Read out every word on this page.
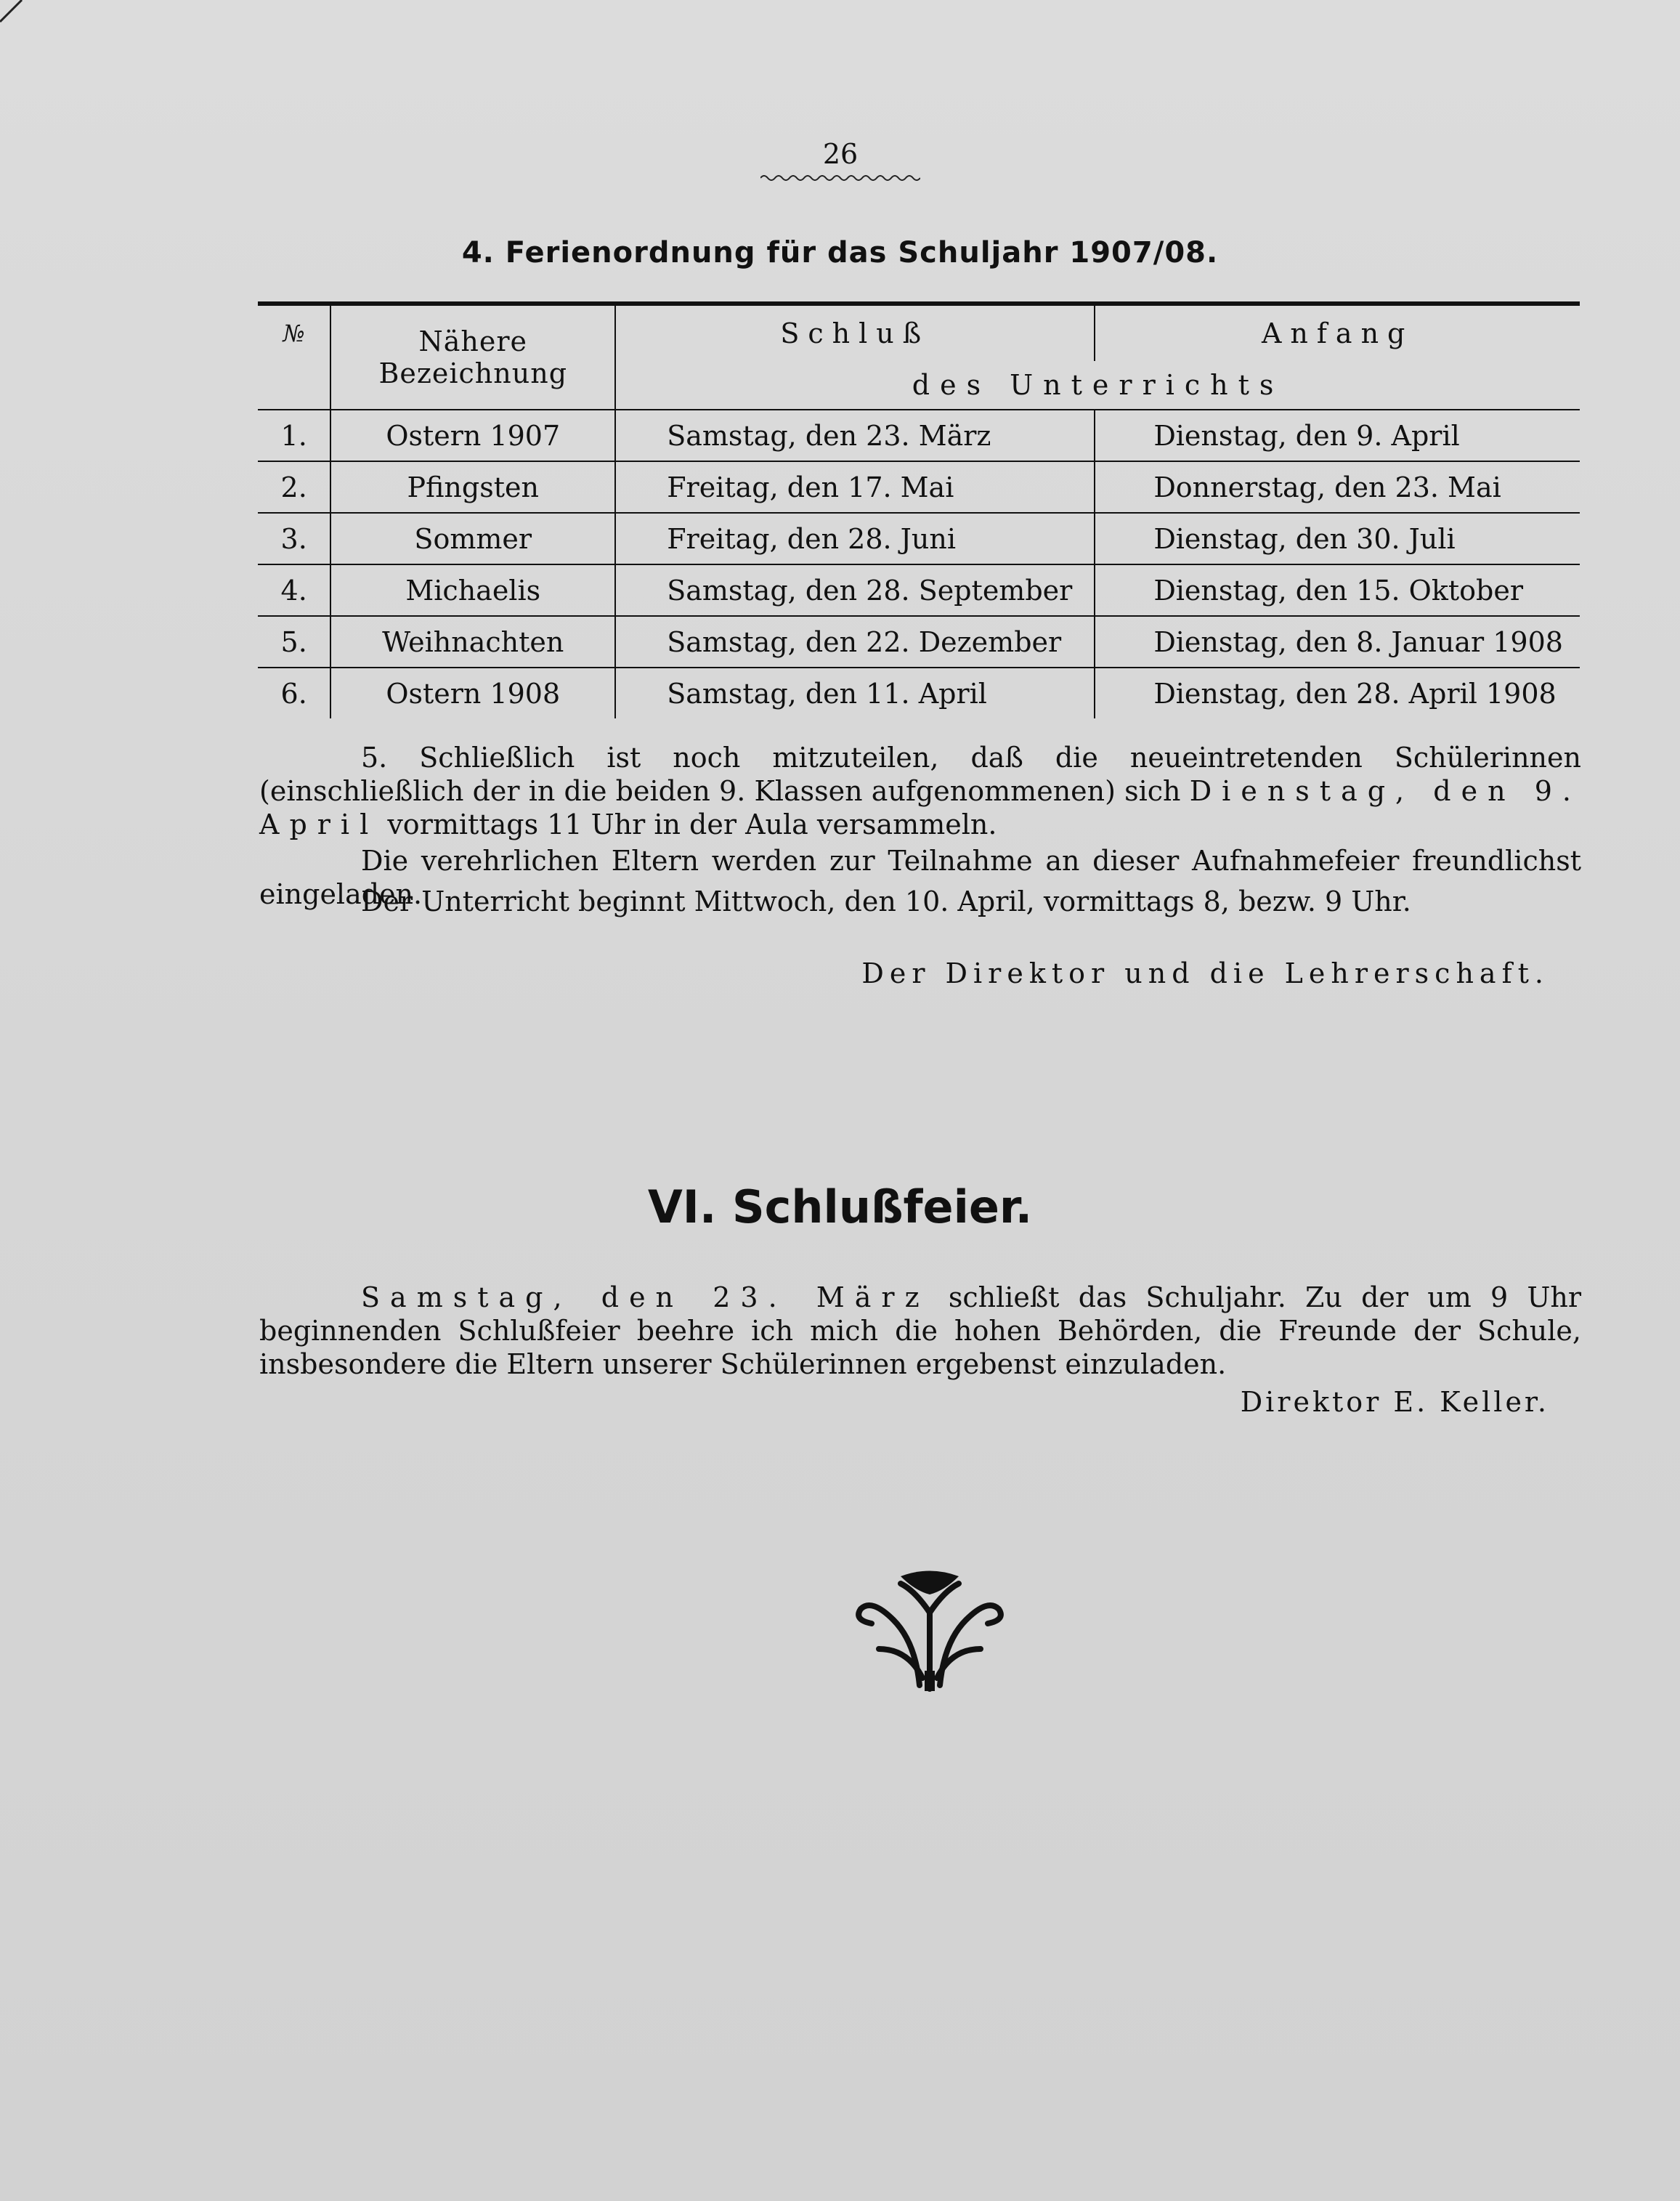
26
4. Ferienordnung für das Schuljahr 1907/08.
№	Nähere Bezeichnung	Schluß	Anfang
		des Unterrichts	
1.	Ostern 1907	Samstag, den 23. März	Dienstag, den 9. April
2.	Pfingsten	Freitag, den 17. Mai	Donnerstag, den 23. Mai
3.	Sommer	Freitag, den 28. Juni	Dienstag, den 30. Juli
4.	Michaelis	Samstag, den 28. September	Dienstag, den 15. Oktober
5.	Weihnachten	Samstag, den 22. Dezember	Dienstag, den 8. Januar 1908
6.	Ostern 1908	Samstag, den 11. April	Dienstag, den 28. April 1908

5. Schließlich ist noch mitzuteilen, daß die neueintretenden Schülerinnen (einschließlich der in die beiden 9. Klassen aufgenommenen) sich Dienstag, den 9. April vormittags 11 Uhr in der Aula versammeln.

Die verehrlichen Eltern werden zur Teilnahme an dieser Aufnahmefeier freundlichst eingeladen.

Der Unterricht beginnt Mittwoch, den 10. April, vormittags 8, bezw. 9 Uhr.

Der Direktor und die Lehrerschaft.
VI. Schlußfeier.

Samstag, den 23. März schließt das Schuljahr. Zu der um 9 Uhr beginnenden Schlußfeier beehre ich mich die hohen Behörden, die Freunde der Schule, insbesondere die Eltern unserer Schülerinnen ergebenst einzuladen.

Direktor E. Keller.
